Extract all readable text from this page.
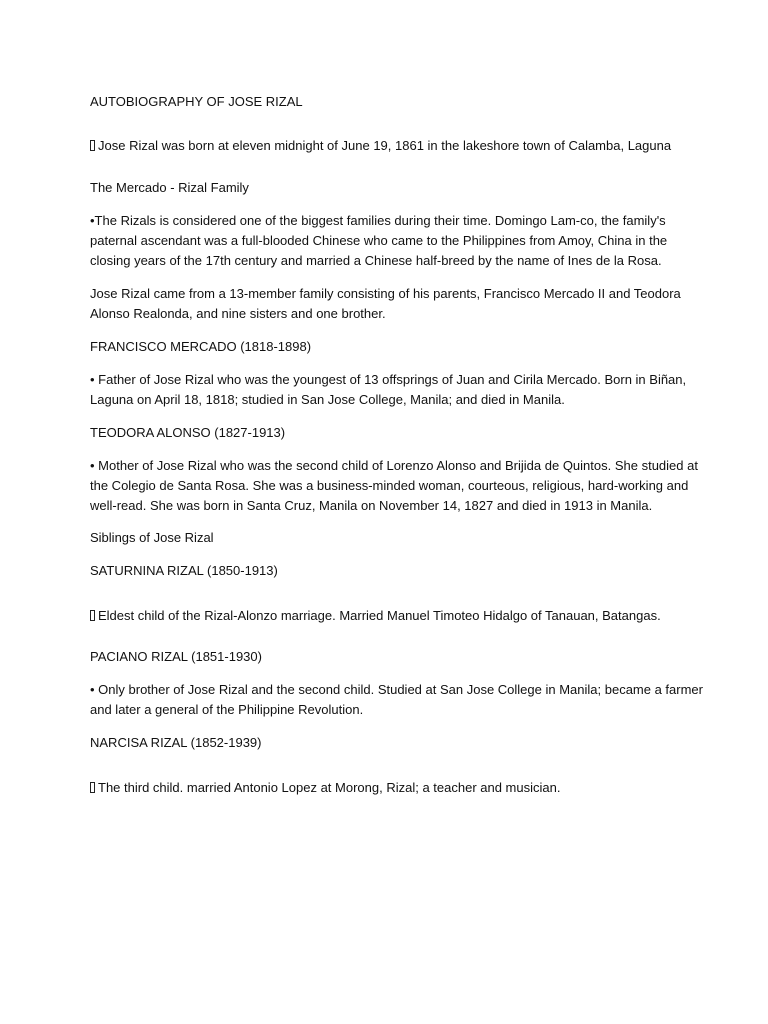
AUTOBIOGRAPHY OF JOSE RIZAL
Jose Rizal was born at eleven midnight of June 19, 1861 in the lakeshore town of Calamba, Laguna
The Mercado - Rizal Family
•The Rizals is considered one of the biggest families during their time. Domingo Lam-co, the family's
paternal ascendant was a full-blooded Chinese who came to the Philippines from Amoy, China in the
closing years of the 17th century and married a Chinese half-breed by the name of Ines de la Rosa.
Jose Rizal came from a 13-member family consisting of his parents, Francisco Mercado II and Teodora
Alonso Realonda, and nine sisters and one brother.
FRANCISCO MERCADO (1818-1898)
• Father of Jose Rizal who was the youngest of 13 offsprings of Juan and Cirila Mercado. Born in Biñan,
Laguna on April 18, 1818; studied in San Jose College, Manila; and died in Manila.
TEODORA ALONSO (1827-1913)
• Mother of Jose Rizal who was the second child of Lorenzo Alonso and Brijida de Quintos. She studied at
the Colegio de Santa Rosa. She was a business-minded woman, courteous, religious, hard-working and
well-read. She was born in Santa Cruz, Manila on November 14, 1827 and died in 1913 in Manila.
Siblings of Jose Rizal
SATURNINA RIZAL (1850-1913)
Eldest child of the Rizal-Alonzo marriage. Married Manuel Timoteo Hidalgo of Tanauan, Batangas.
PACIANO RIZAL (1851-1930)
• Only brother of Jose Rizal and the second child. Studied at San Jose College in Manila; became a farmer
and later a general of the Philippine Revolution.
NARCISA RIZAL (1852-1939)
The third child. married Antonio Lopez at Morong, Rizal; a teacher and musician.
